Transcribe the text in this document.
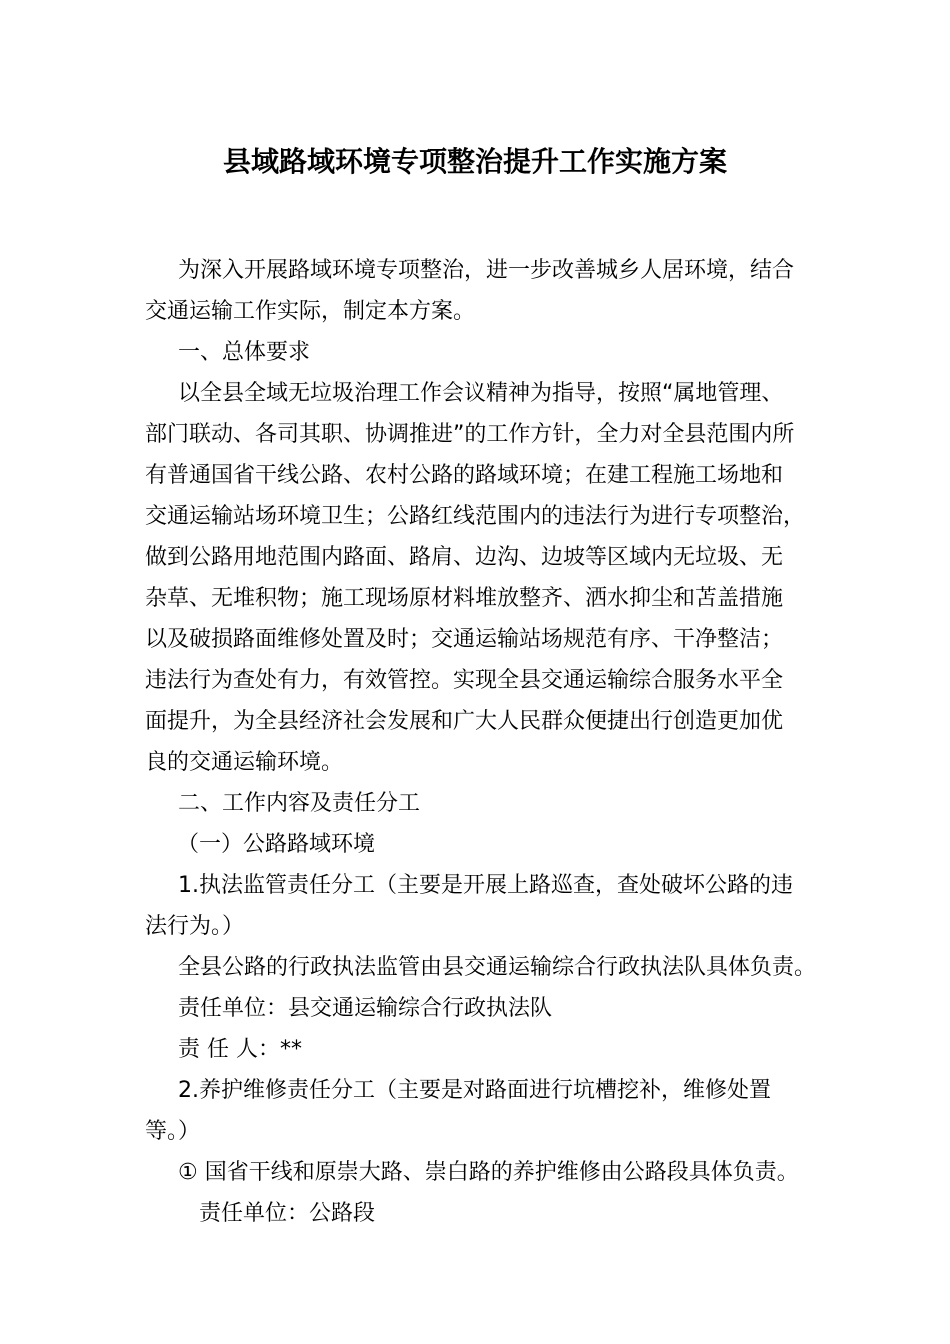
县域路域环境专项整治提升工作实施方案

为深入开展路域环境专项整治，进一步改善城乡人居环境，结合

交通运输工作实际，制定本方案。

一、总体要求

以全县全域无垃圾治理工作会议精神为指导，按照“属地管理、

部门联动、各司其职、协调推进”的工作方针，全力对全县范围内所

有普通国省干线公路、农村公路的路域环境；在建工程施工场地和

交通运输站场环境卫生；公路红线范围内的违法行为进行专项整治，

做到公路用地范围内路面、路肩、边沟、边坡等区域内无垃圾、无

杂草、无堆积物；施工现场原材料堆放整齐、洒水抑尘和苫盖措施

以及破损路面维修处置及时；交通运输站场规范有序、干净整洁；

违法行为查处有力，有效管控。实现全县交通运输综合服务水平全

面提升，为全县经济社会发展和广大人民群众便捷出行创造更加优

良的交通运输环境。

二、工作内容及责任分工

（一）公路路域环境

1.执法监管责任分工（主要是开展上路巡查，查处破坏公路的违

法行为。）

全县公路的行政执法监管由县交通运输综合行政执法队具体负责。

责任单位：县交通运输综合行政执法队

责 任 人：**

2.养护维修责任分工（主要是对路面进行坑槽挖补，维修处置

等。）

① 国省干线和原崇大路、崇白路的养护维修由公路段具体负责。

责任单位：公路段
